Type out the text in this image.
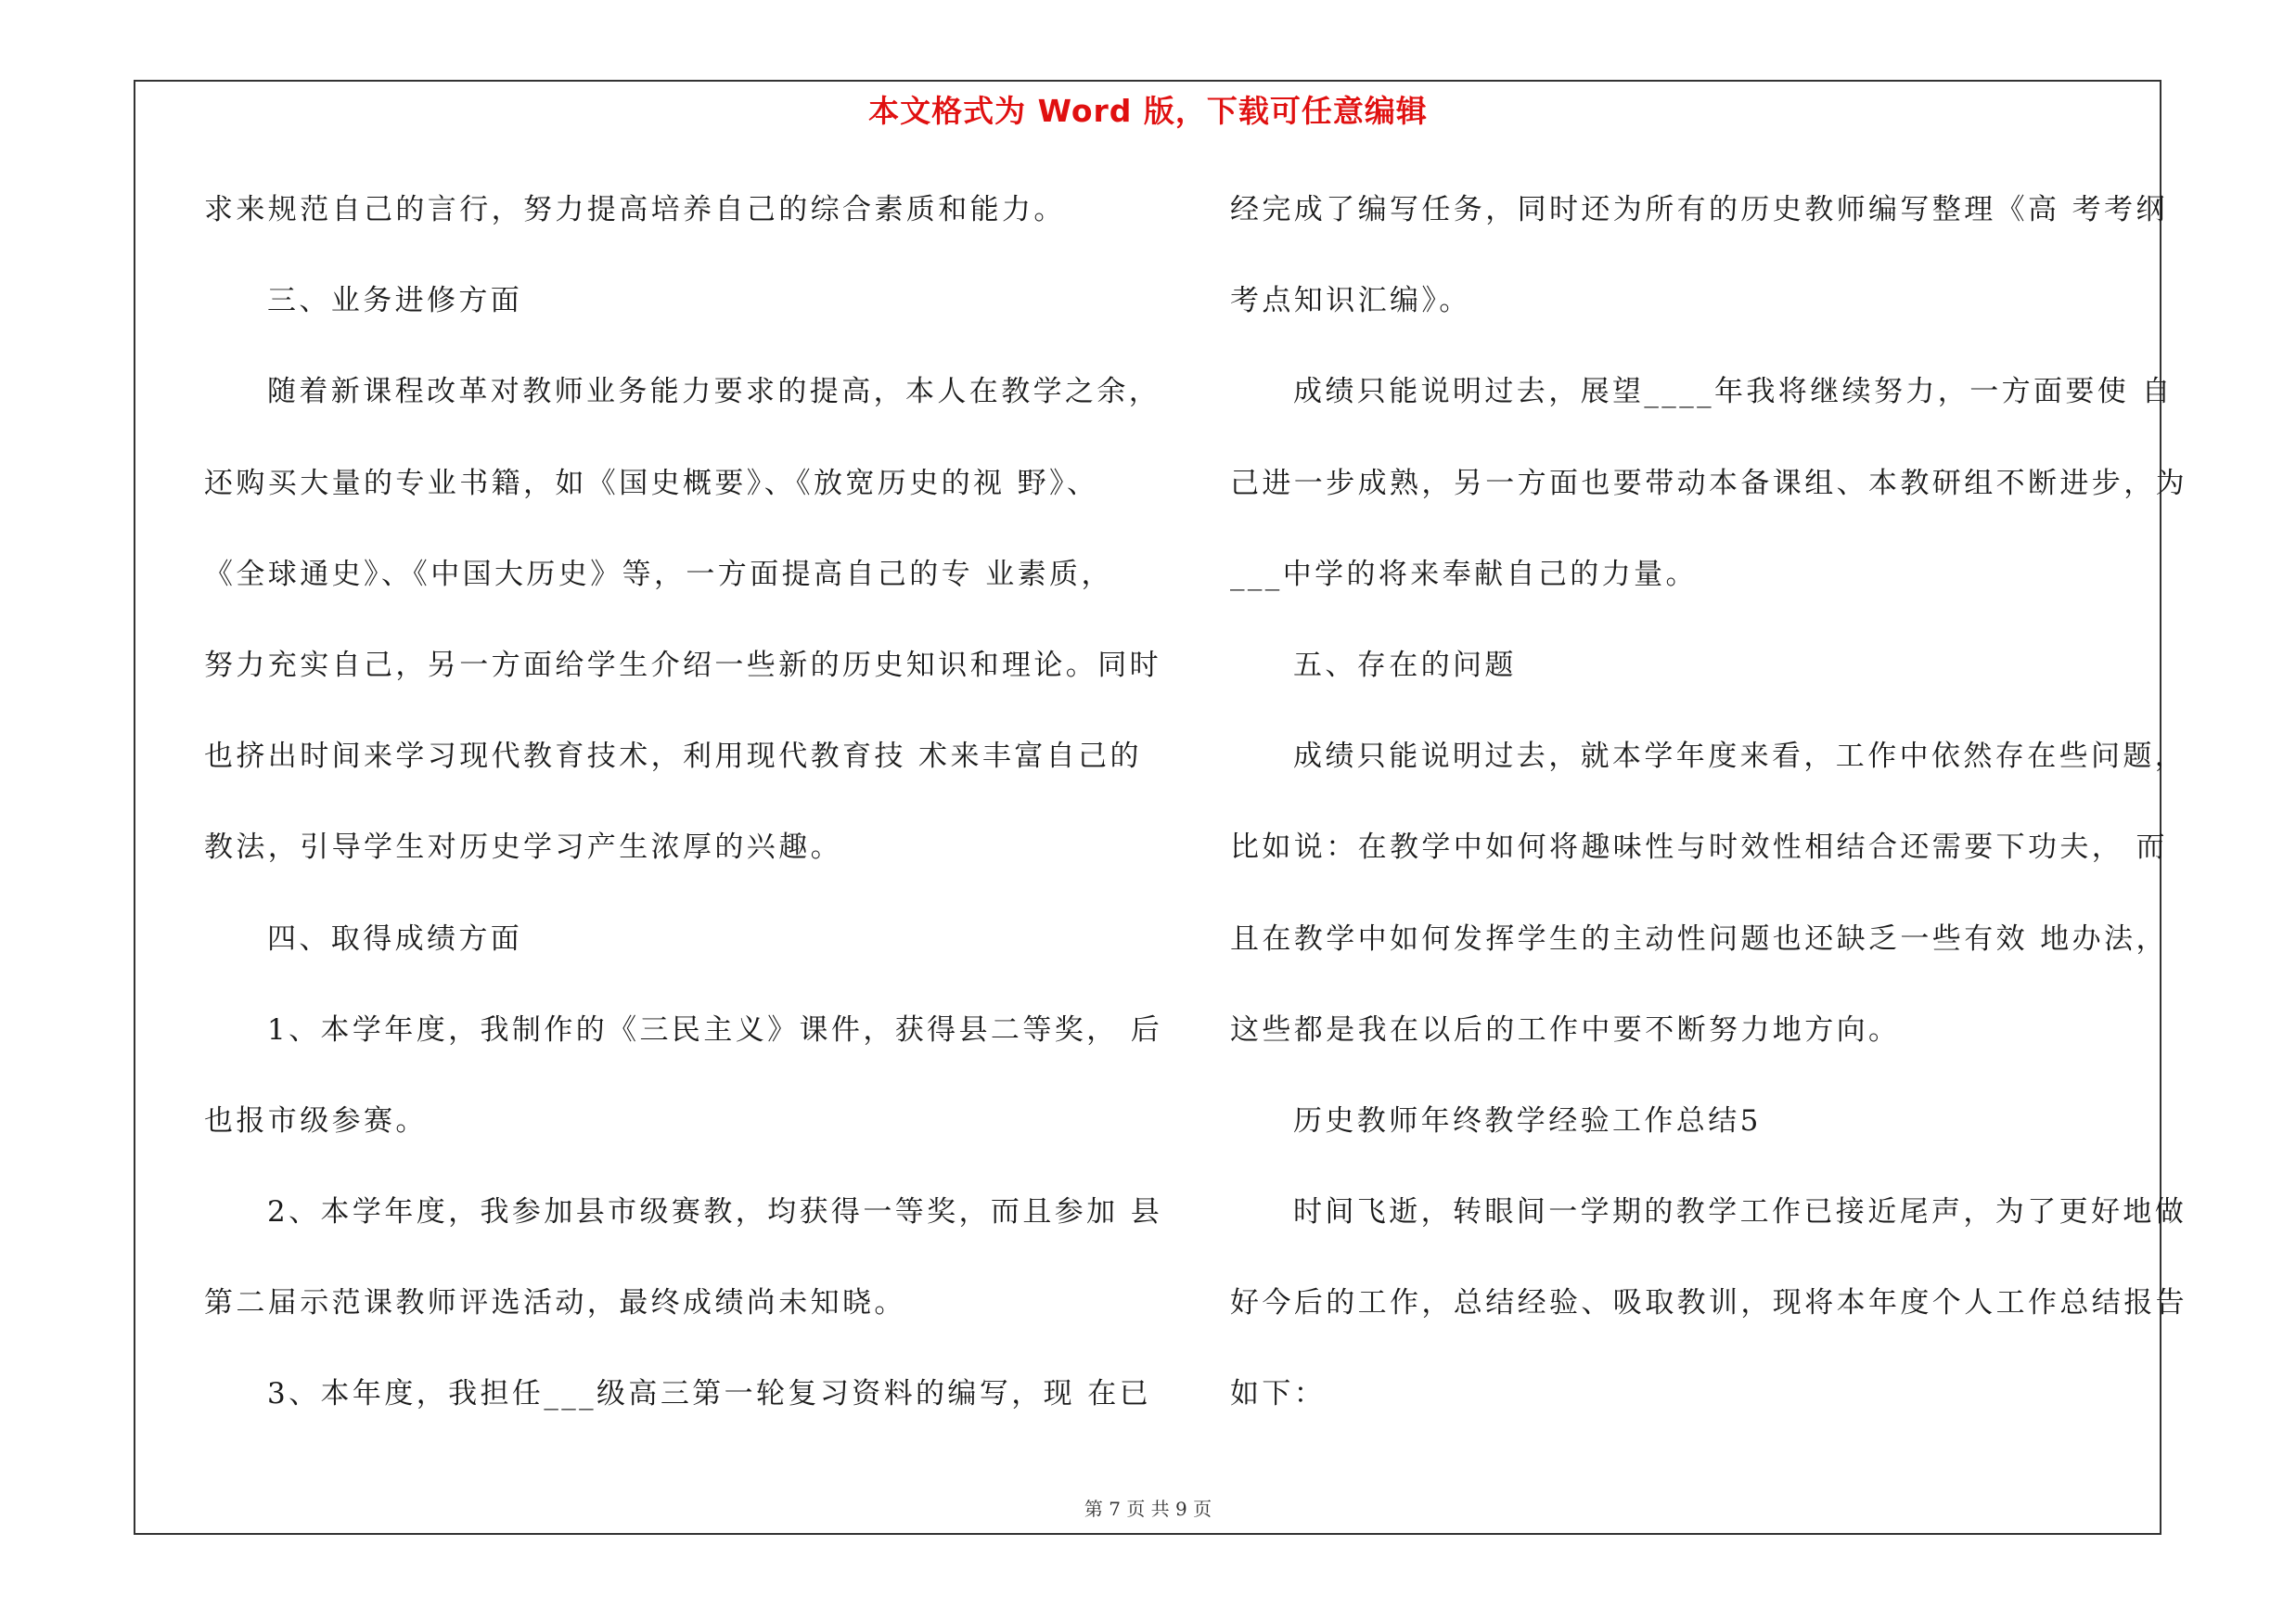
本文格式为 Word 版，下载可任意编辑
求来规范自己的言行，努力提高培养自己的综合素质和能力。
三、业务进修方面
随着新课程改革对教师业务能力要求的提高，本人在教学之余，
还购买大量的专业书籍，如《国史概要》、《放宽历史的视 野》、
《全球通史》、《中国大历史》等，一方面提高自己的专 业素质，
努力充实自己，另一方面给学生介绍一些新的历史知识和理论。同时
也挤出时间来学习现代教育技术，利用现代教育技 术来丰富自己的
教法，引导学生对历史学习产生浓厚的兴趣。
四、取得成绩方面
1、本学年度，我制作的《三民主义》课件，获得县二等奖， 后
也报市级参赛。
2、本学年度，我参加县市级赛教，均获得一等奖，而且参加 县
第二届示范课教师评选活动，最终成绩尚未知晓。
3、本年度，我担任___级高三第一轮复习资料的编写，现 在已
经完成了编写任务，同时还为所有的历史教师编写整理《高 考考纲
考点知识汇编》。
成绩只能说明过去，展望____年我将继续努力，一方面要使 自
己进一步成熟，另一方面也要带动本备课组、本教研组不断进步，为
___中学的将来奉献自己的力量。
五、存在的问题
成绩只能说明过去，就本学年度来看，工作中依然存在些问题，
比如说：在教学中如何将趣味性与时效性相结合还需要下功夫， 而
且在教学中如何发挥学生的主动性问题也还缺乏一些有效 地办法，
这些都是我在以后的工作中要不断努力地方向。
历史教师年终教学经验工作总结5
时间飞逝，转眼间一学期的教学工作已接近尾声，为了更好地做
好今后的工作，总结经验、吸取教训，现将本年度个人工作总结报告
如下：
第 7 页 共 9 页
